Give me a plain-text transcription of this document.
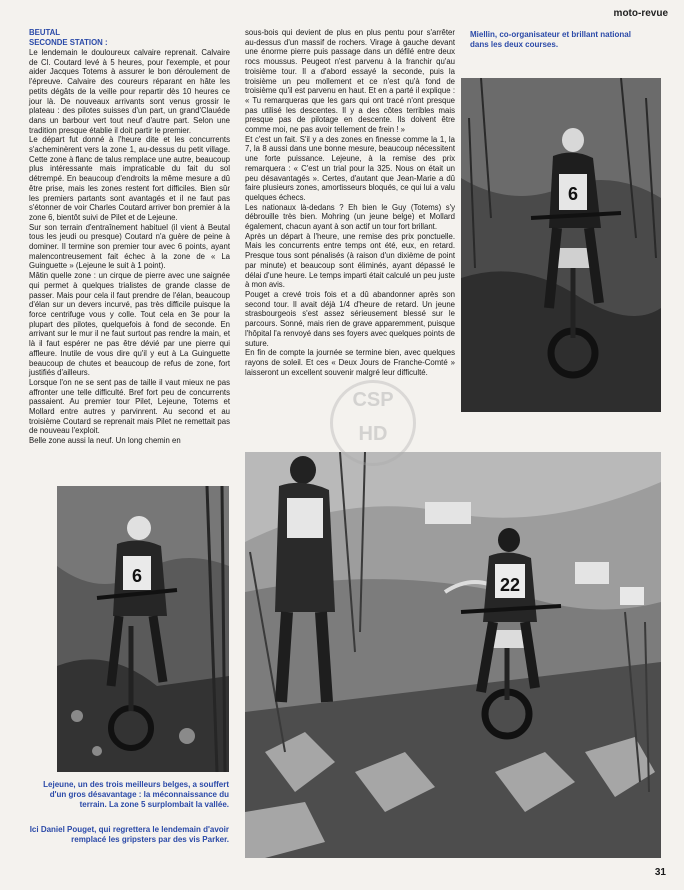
moto-revue

BEUTAL

SECONDE STATION :

Le lendemain le douloureux calvaire reprenait. Calvaire de Cl. Coutard levé à 5 heures, pour l'exemple, et pour aider Jacques Totems à assurer le bon déroulement de l'épreuve. Calvaire des coureurs réparant en hâte les petits dégâts de la veille pour repartir dès 10 heures ce jour là. De nouveaux arrivants sont venus grossir le plateau : des pilotes suisses d'un part, un grand'Clauéde dans un barbour vert tout neuf d'autre part. Selon une tradition presque établie il doit partir le premier.

Le départ fut donné à l'heure dite et les concurrents s'acheminèrent vers la zone 1, au-dessus du petit village. Cette zone à flanc de talus remplace une autre, beaucoup plus intéressante mais impraticable du fait du sol détrempé. En beaucoup d'endroits la même mesure a dû être prise, mais les zones restent fort difficiles. Bien sûr les premiers partants sont avantagés et il ne faut pas s'étonner de voir Charles Coutard arriver bon premier à la zone 6, bientôt suivi de Pilet et de Lejeune.

Sur son terrain d'entraînement habituel (il vient à Beutal tous les jeudi ou presque) Coutard n'a guère de peine à dominer. Il termine son premier tour avec 6 points, ayant malencontreusement fait échec à la zone de « La Guinguette » (Lejeune le suit à 1 point).

Mâtin quelle zone : un cirque de pierre avec une saignée qui permet à quelques trialistes de grande classe de passer. Mais pour cela il faut prendre de l'élan, beaucoup d'élan sur un devers incurvé, pas très difficile puisque la force centrifuge vous y colle. Tout cela en 3e pour la plupart des pilotes, quelquefois à fond de seconde. En arrivant sur le mur il ne faut surtout pas rendre la main, et là il faut espérer ne pas être dévié par une pierre qui affleure. Inutile de vous dire qu'il y eut à La Guinguette beaucoup de chutes et beaucoup de refus de zone, fort justifiés d'ailleurs.

Lorsque l'on ne se sent pas de taille il vaut mieux ne pas affronter une telle difficulté. Bref fort peu de concurrents passaient. Au premier tour Pilet, Lejeune, Totems et Mollard entre autres y parvinrent. Au second et au troisième Coutard se reprenait mais Pilet ne remettait pas de nouveau l'exploit.

Belle zone aussi la neuf. Un long chemin en

sous-bois qui devient de plus en plus pentu pour s'arrêter au-dessus d'un massif de rochers. Virage à gauche devant une énorme pierre puis passage dans un défilé entre deux rocs moussus. Peugeot n'est parvenu à la franchir qu'au troisième tour. Il a d'abord essayé la seconde, puis la troisième un peu mollement et ce n'est qu'à fond de troisième qu'il est parvenu en haut. Et en a parté il explique : « Tu remarqueras que les gars qui ont tracé n'ont presque pas utilisé les descentes. Il y a des côtes terribles mais presque pas de pilotage en descente. Ils doivent être comme moi, ne pas avoir tellement de frein ! »

Et c'est un fait. S'il y a des zones en finesse comme la 1, la 7, la 8 aussi dans une bonne mesure, beaucoup nécessitent une forte puissance. Lejeune, à la remise des prix remarquera : « C'est un trial pour la 325. Nous on était un peu désavantagés ». Certes, d'autant que Jean-Marie a dû faire plusieurs zones, amortisseurs bloqués, ce qui lui a valu quelques échecs.

Les nationaux là-dedans ? Eh bien le Guy (Totems) s'y débrouille très bien. Mohring (un jeune belge) et Mollard également, chacun ayant à son actif un tour fort brillant.

Après un départ à l'heure, une remise des prix ponctuelle. Mais les concurrents entre temps ont été, eux, en retard. Presque tous sont pénalisés (à raison d'un dixième de point par minute) et beaucoup sont éliminés, ayant dépassé le délai d'une heure. Le temps imparti était calculé un peu juste à mon avis.

Pouget a crevé trois fois et a dû abandonner après son second tour. Il avait déjà 1/4 d'heure de retard. Un jeune strasbourgeois s'est assez sérieusement blessé sur le parcours. Sonné, mais rien de grave apparemment, puisque l'hôpital l'a renvoyé dans ses foyers avec quelques points de suture.

En fin de compte la journée se termine bien, avec quelques rayons de soleil. Et ces « Deux Jours de Franche-Comté » laisseront un excellent souvenir malgré leur difficulté.

Miellin, co-organisateur et brillant national dans les deux courses.
6
6	22
CSP
HD
Lejeune, un des trois meilleurs belges, a souffert d'un gros désavantage : la méconnaissance du terrain. La zone 5 surplombait la vallée.
Ici Daniel Pouget, qui regrettera le lendemain d'avoir remplacé les gripsters par des vis Parker.
31
